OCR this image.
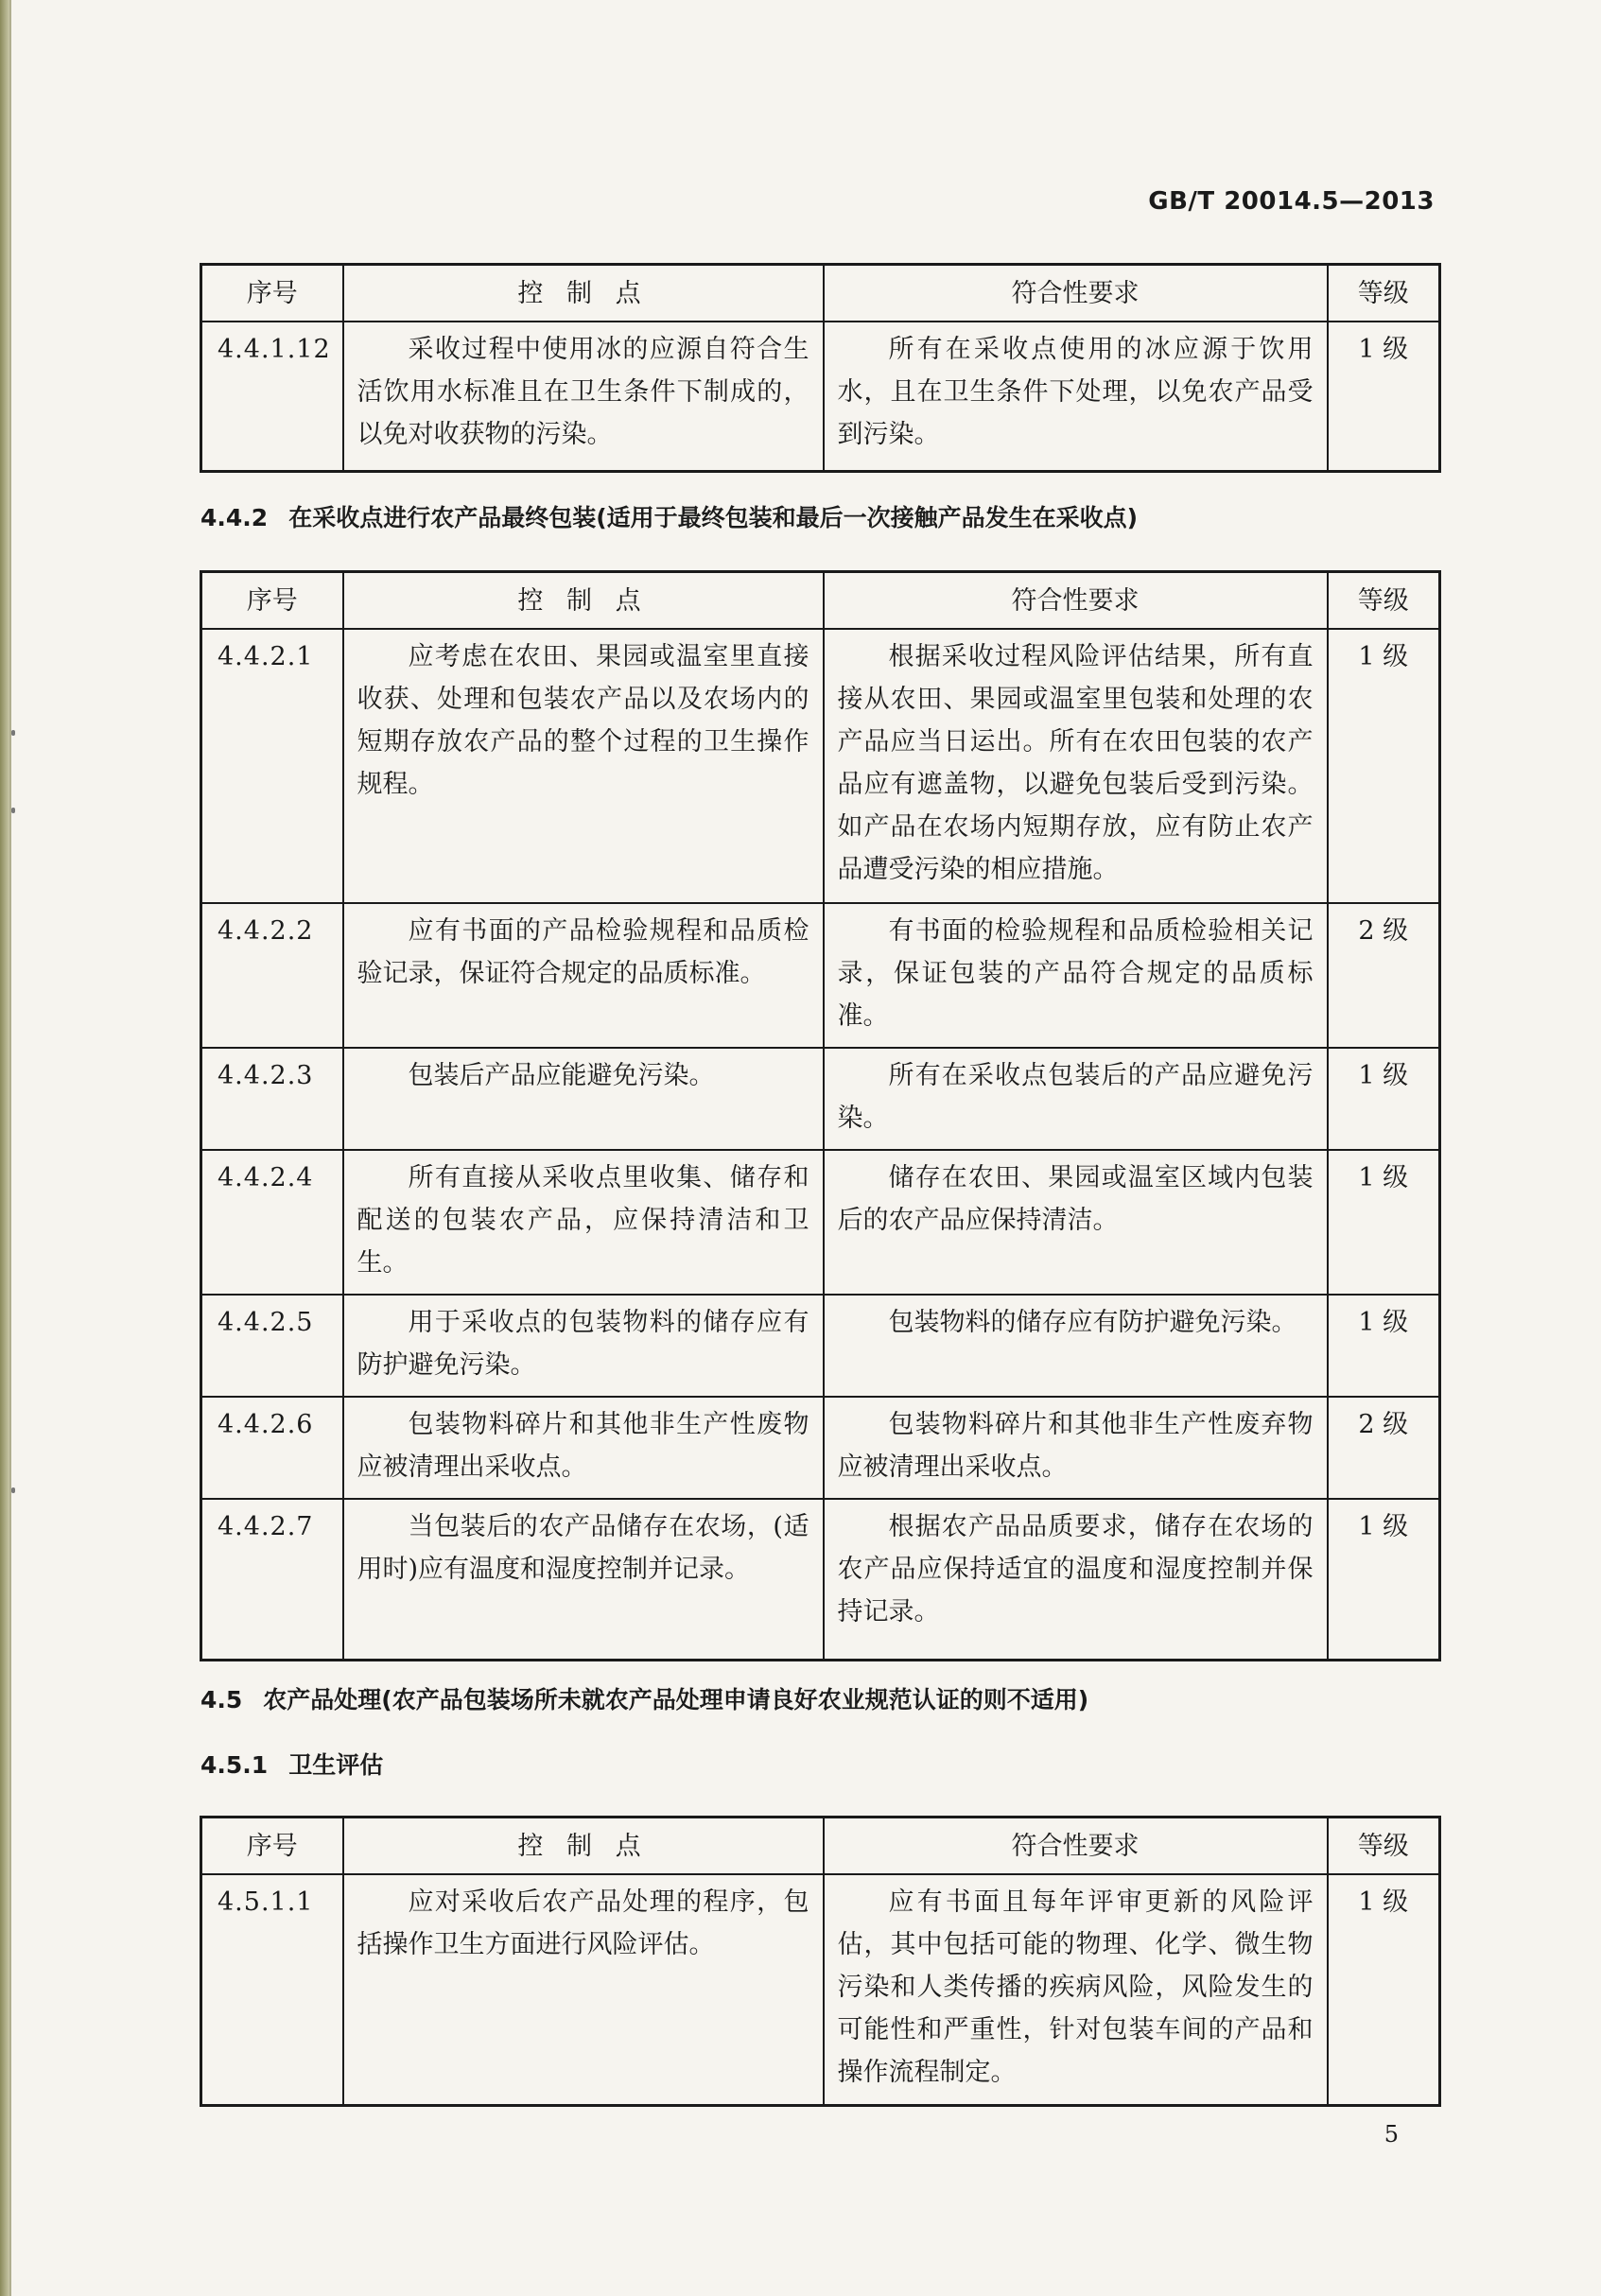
GB/T 20014.5—2013
序号	控 制 点	符合性要求	等级
4.4.1.12	采收过程中使用冰的应源自符合生活饮用水标准且在卫生条件下制成的，以免对收获物的污染。	所有在采收点使用的冰应源于饮用水，且在卫生条件下处理，以免农产品受到污染。	1 级
4.4.2 在采收点进行农产品最终包装(适用于最终包装和最后一次接触产品发生在采收点)
序号	控 制 点	符合性要求	等级
4.4.2.1	应考虑在农田、果园或温室里直接收获、处理和包装农产品以及农场内的短期存放农产品的整个过程的卫生操作规程。	根据采收过程风险评估结果，所有直接从农田、果园或温室里包装和处理的农产品应当日运出。所有在农田包装的农产品应有遮盖物，以避免包装后受到污染。如产品在农场内短期存放，应有防止农产品遭受污染的相应措施。	1 级
4.4.2.2	应有书面的产品检验规程和品质检验记录，保证符合规定的品质标准。	有书面的检验规程和品质检验相关记录，保证包装的产品符合规定的品质标准。	2 级
4.4.2.3	包装后产品应能避免污染。	所有在采收点包装后的产品应避免污染。	1 级
4.4.2.4	所有直接从采收点里收集、储存和配送的包装农产品，应保持清洁和卫生。	储存在农田、果园或温室区域内包装后的农产品应保持清洁。	1 级
4.4.2.5	用于采收点的包装物料的储存应有防护避免污染。	包装物料的储存应有防护避免污染。	1 级
4.4.2.6	包装物料碎片和其他非生产性废物应被清理出采收点。	包装物料碎片和其他非生产性废弃物应被清理出采收点。	2 级
4.4.2.7	当包装后的农产品储存在农场，(适用时)应有温度和湿度控制并记录。	根据农产品品质要求，储存在农场的农产品应保持适宜的温度和湿度控制并保持记录。	1 级
4.5 农产品处理(农产品包装场所未就农产品处理申请良好农业规范认证的则不适用)
4.5.1 卫生评估
序号	控 制 点	符合性要求	等级
4.5.1.1	应对采收后农产品处理的程序，包括操作卫生方面进行风险评估。	应有书面且每年评审更新的风险评估，其中包括可能的物理、化学、微生物污染和人类传播的疾病风险，风险发生的可能性和严重性，针对包装车间的产品和操作流程制定。	1 级
5
